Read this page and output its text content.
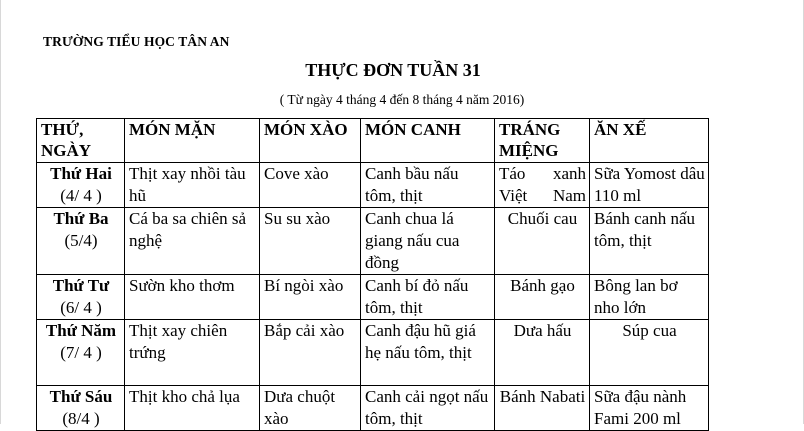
TRƯỜNG TIỂU HỌC TÂN AN
THỰC ĐƠN TUẦN 31
( Từ ngày 4 tháng 4 đến 8 tháng 4 năm 2016)
THỨ, NGÀY	MÓN MẶN	MÓN XÀO	MÓN CANH	TRÁNG MIỆNG	ĂN XẾ

Thứ Hai
(4/ 4 )	Thịt xay nhồi tàu hũ	Cove xào	Canh bầu nấu tôm, thịt	Táo xanh Việt Nam	Sữa Yomost dâu 110 ml

Thứ Ba
(5/4)	Cá ba sa chiên sả nghệ	Su su xào	Canh chua lá giang nấu cua đồng	Chuối cau	Bánh canh nấu tôm, thịt

Thứ Tư
(6/ 4 )	Sườn kho thơm	Bí ngòi xào	Canh bí đỏ nấu tôm, thịt	Bánh gạo	Bông lan bơ nho lớn

Thứ Năm
(7/ 4 )	Thịt xay chiên trứng	Bắp cải xào	Canh đậu hũ giá hẹ nấu tôm, thịt	Dưa hấu	Súp cua

Thứ Sáu
(8/4 )	Thịt kho chả lụa	Dưa chuột xào	Canh cải ngọt nấu tôm, thịt	Bánh Nabati	Sữa đậu nành Fami 200 ml
